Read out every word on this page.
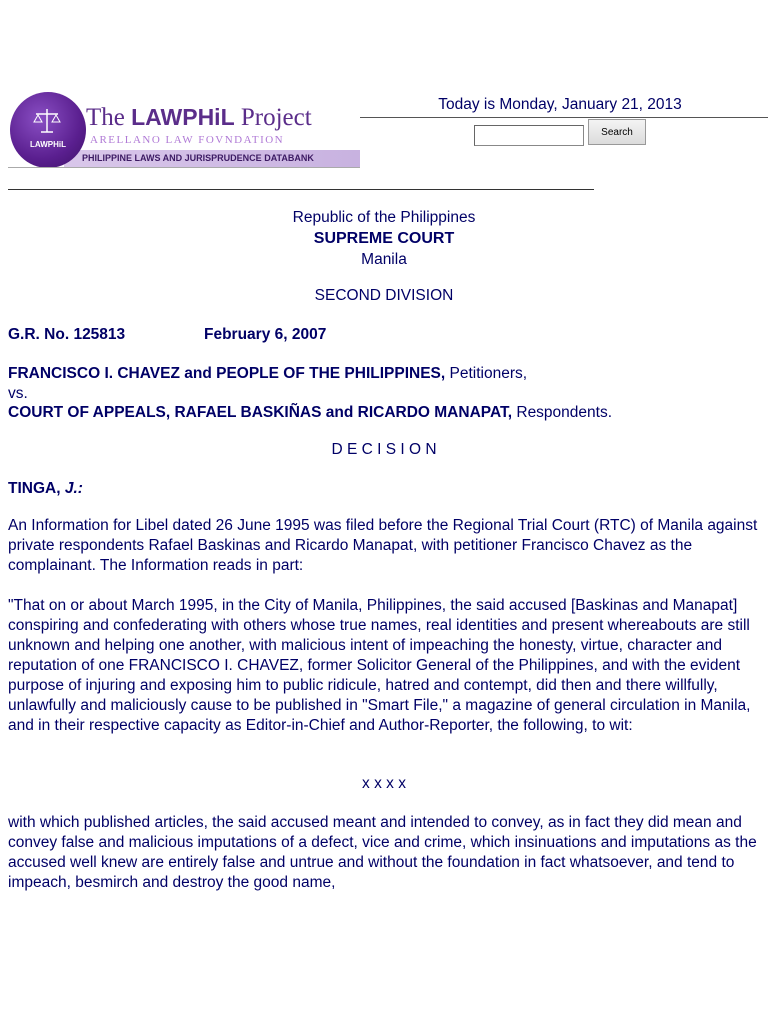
PHILIPPINE LAWS AND JURISPRUDENCE DATABANK
LAWPHiL
The LAWPHiL Project
ARELLANO LAW FOVNDATION
Today is Monday, January 21, 2013
Search
Republic of the Philippines
SUPREME COURT
Manila
SECOND DIVISION
G.R. No. 125813	February 6, 2007
FRANCISCO I. CHAVEZ and PEOPLE OF THE PHILIPPINES, Petitioners,
vs.
COURT OF APPEALS, RAFAEL BASKIÑAS and RICARDO MANAPAT, Respondents.
D E C I S I O N
TINGA, J.:

An Information for Libel dated 26 June 1995 was filed before the Regional Trial Court (RTC) of Manila against private respondents Rafael Baskinas and Ricardo Manapat, with petitioner Francisco Chavez as the complainant. The Information reads in part:

"That on or about March 1995, in the City of Manila, Philippines, the said accused [Baskinas and Manapat] conspiring and confederating with others whose true names, real identities and present whereabouts are still unknown and helping one another, with malicious intent of impeaching the honesty, virtue, character and reputation of one FRANCISCO I. CHAVEZ, former Solicitor General of the Philippines, and with the evident purpose of injuring and exposing him to public ridicule, hatred and contempt, did then and there willfully, unlawfully and maliciously cause to be published in "Smart File," a magazine of general circulation in Manila, and in their respective capacity as Editor-in-Chief and Author-Reporter, the following, to wit:

x x x x

with which published articles, the said accused meant and intended to convey, as in fact they did mean and convey false and malicious imputations of a defect, vice and crime, which insinuations and imputations as the accused well knew are entirely false and untrue and without the foundation in fact whatsoever, and tend to impeach, besmirch and destroy the good name,
